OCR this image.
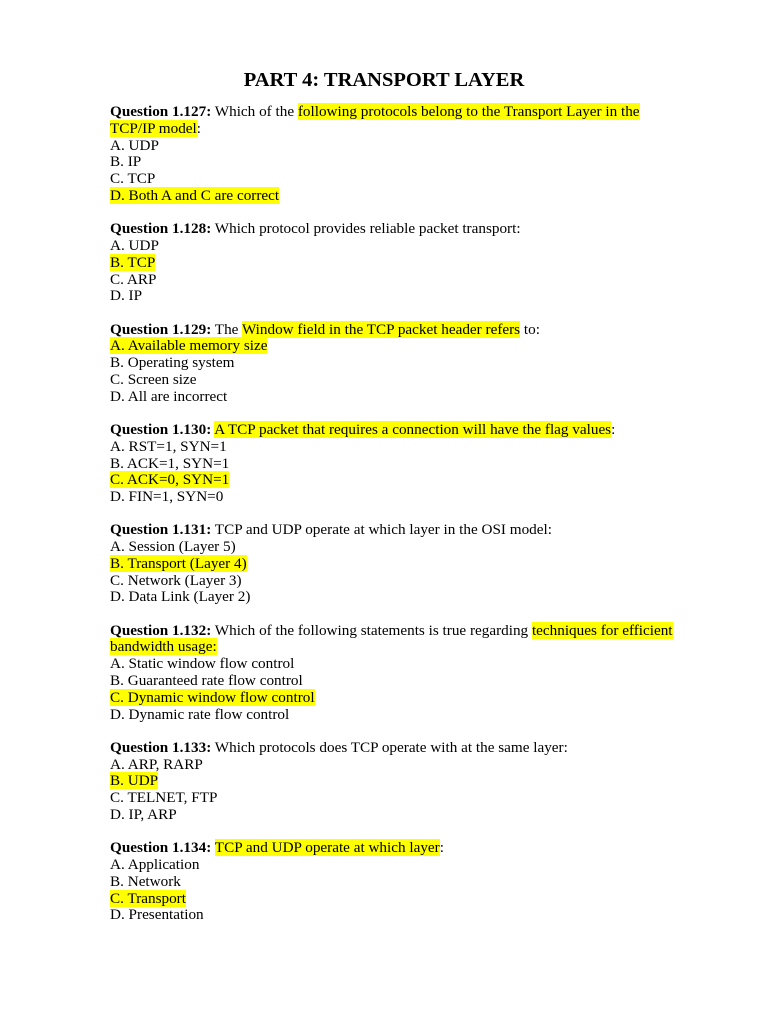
PART 4: TRANSPORT LAYER
Question 1.127: Which of the following protocols belong to the Transport Layer in the
TCP/IP model:
A. UDP
B. IP
C. TCP
D. Both A and C are correct
Question 1.128: Which protocol provides reliable packet transport:
A. UDP
B. TCP
C. ARP
D. IP
Question 1.129: The Window field in the TCP packet header refers to:
A. Available memory size
B. Operating system
C. Screen size
D. All are incorrect
Question 1.130: A TCP packet that requires a connection will have the flag values:
A. RST=1, SYN=1
B. ACK=1, SYN=1
C. ACK=0, SYN=1
D. FIN=1, SYN=0
Question 1.131: TCP and UDP operate at which layer in the OSI model:
A. Session (Layer 5)
B. Transport (Layer 4)
C. Network (Layer 3)
D. Data Link (Layer 2)
Question 1.132: Which of the following statements is true regarding techniques for efficient
bandwidth usage:
A. Static window flow control
B. Guaranteed rate flow control
C. Dynamic window flow control
D. Dynamic rate flow control
Question 1.133: Which protocols does TCP operate with at the same layer:
A. ARP, RARP
B. UDP
C. TELNET, FTP
D. IP, ARP
Question 1.134: TCP and UDP operate at which layer:
A. Application
B. Network
C. Transport
D. Presentation
